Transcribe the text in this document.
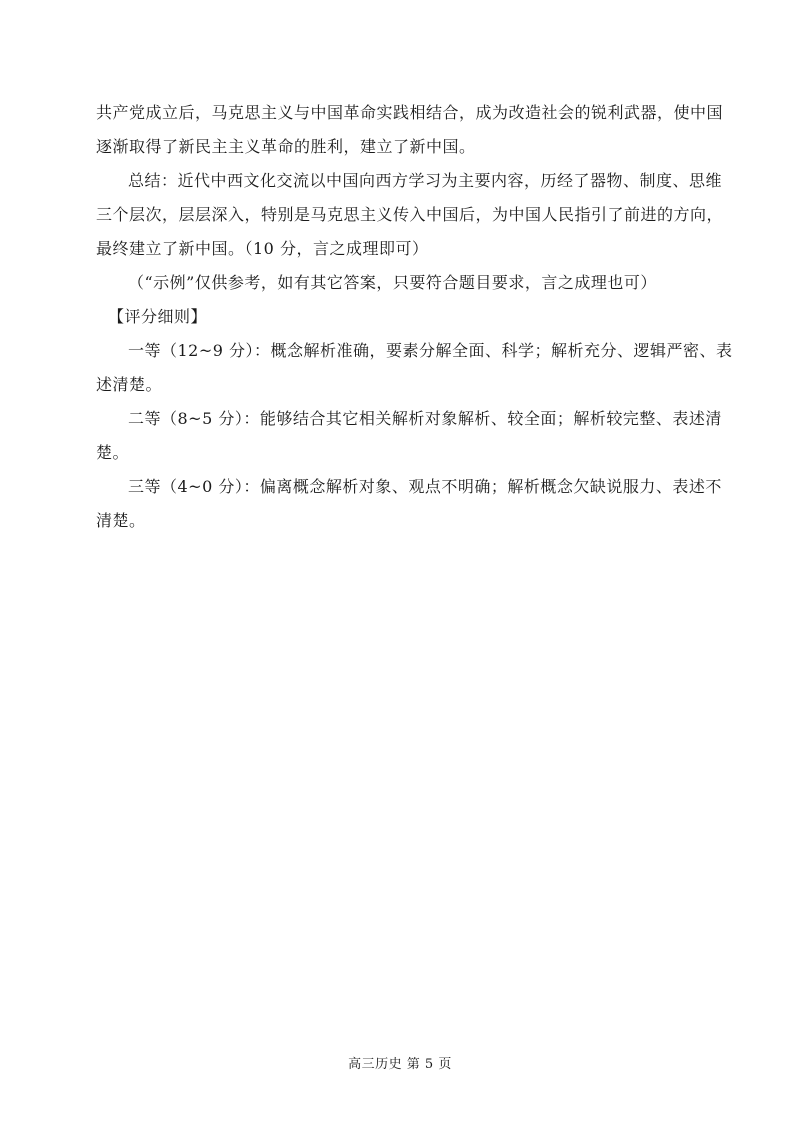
共产党成立后，马克思主义与中国革命实践相结合，成为改造社会的锐利武器，使中国
逐渐取得了新民主主义革命的胜利，建立了新中国。
总结：近代中西文化交流以中国向西方学习为主要内容，历经了器物、制度、思维
三个层次，层层深入，特别是马克思主义传入中国后，为中国人民指引了前进的方向，
最终建立了新中国。（10 分，言之成理即可）
（“示例”仅供参考，如有其它答案，只要符合题目要求，言之成理也可）
【评分细则】
一等（12~9 分）：概念解析准确，要素分解全面、科学；解析充分、逻辑严密、表
述清楚。
二等（8~5 分）：能够结合其它相关解析对象解析、较全面；解析较完整、表述清
楚。
三等（4~0 分）：偏离概念解析对象、观点不明确；解析概念欠缺说服力、表述不
清楚。
高三历史 第 5 页
